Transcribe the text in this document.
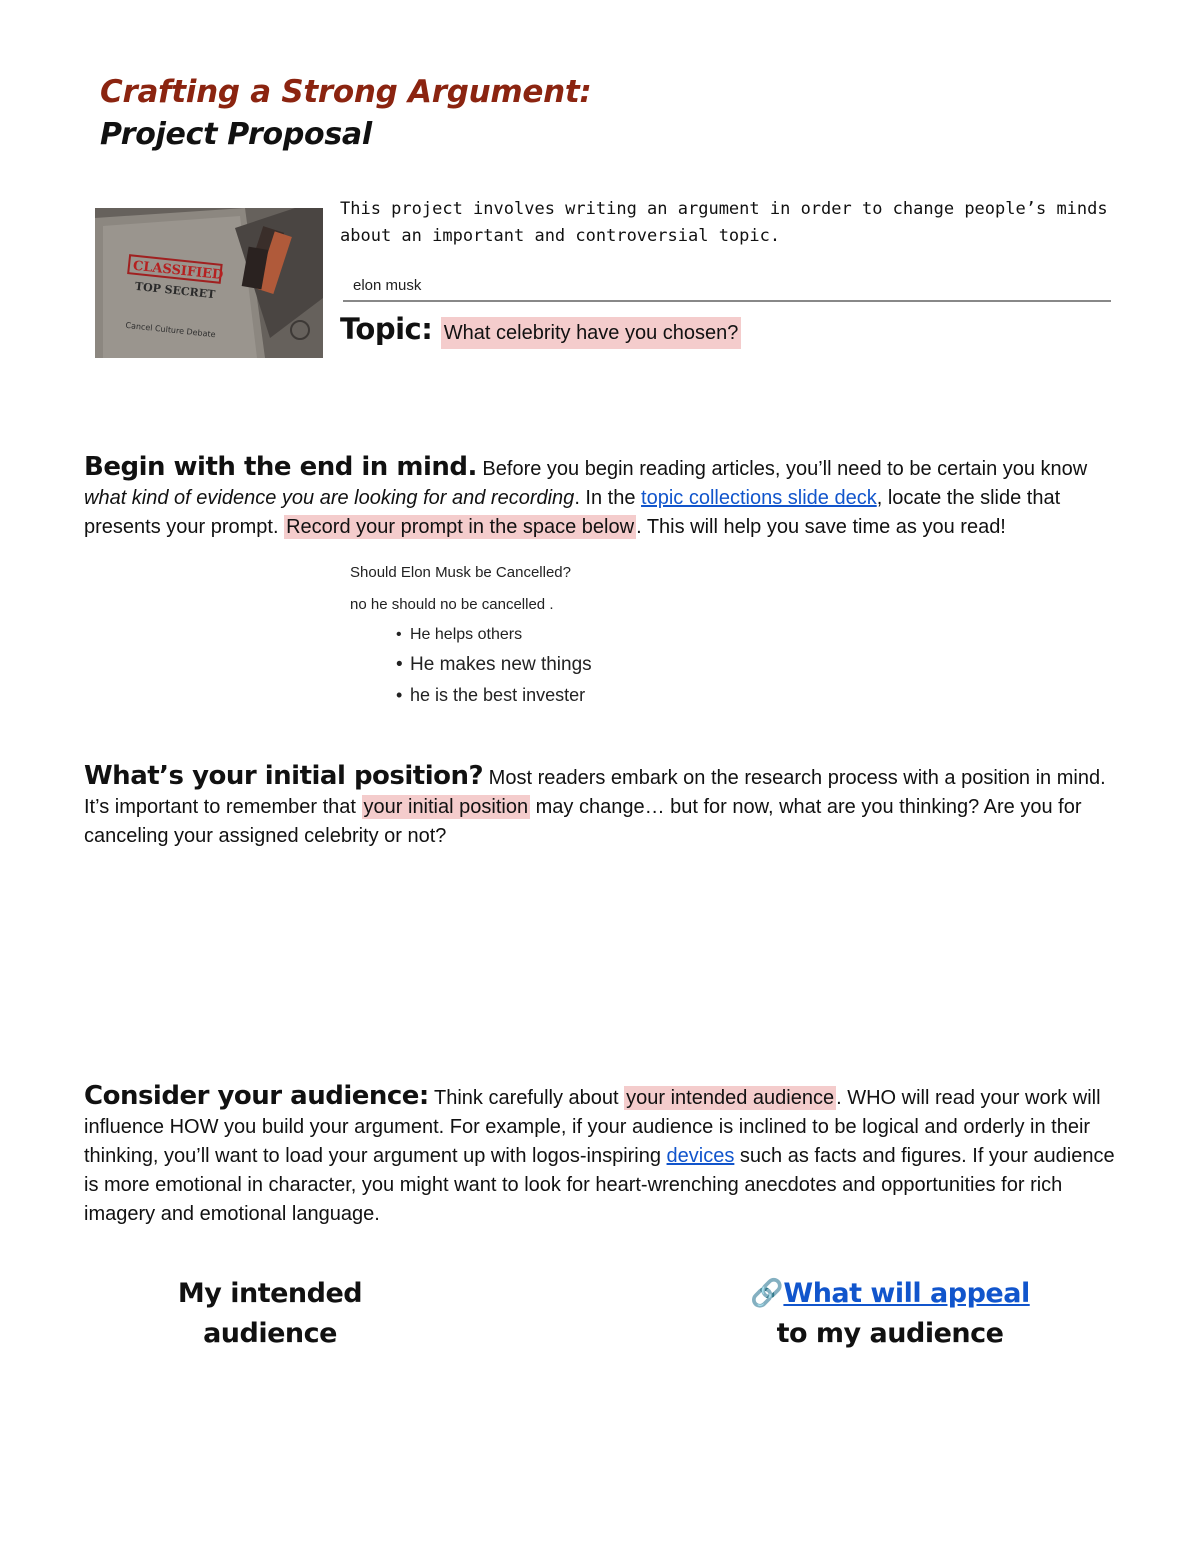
Crafting a Strong Argument:
Project Proposal
CLASSIFIED
TOP SECRET
Cancel Culture Debate
This project involves writing an argument in order to change people’s minds about an important and controversial topic.
elon musk
Topic: What celebrity have you chosen?
Begin with the end in mind. Before you begin reading articles, you’ll need to be certain you know what kind of evidence you are looking for and recording. In the topic collections slide deck, locate the slide that presents your prompt. Record your prompt in the space below . This will help you save time as you read!
Should Elon Musk be Cancelled?
no he should no be cancelled .
• He helps others
• He makes new things
• he is the best invester
What’s your initial position? Most readers embark on the research process with a position in mind. It’s important to remember that your initial position may change… but for now, what are you thinking? Are you for canceling your assigned celebrity or not?
Consider your audience: Think carefully about your intended audience . WHO will read your work will influence HOW you build your argument. For example, if your audience is inclined to be logical and orderly in their thinking, you’ll want to load your argument up with logos-inspiring devices such as facts and figures. If your audience is more emotional in character, you might want to look for heart-wrenching anecdotes and opportunities for rich imagery and emotional language.
My intended
audience
🔗What will appeal
to my audience
